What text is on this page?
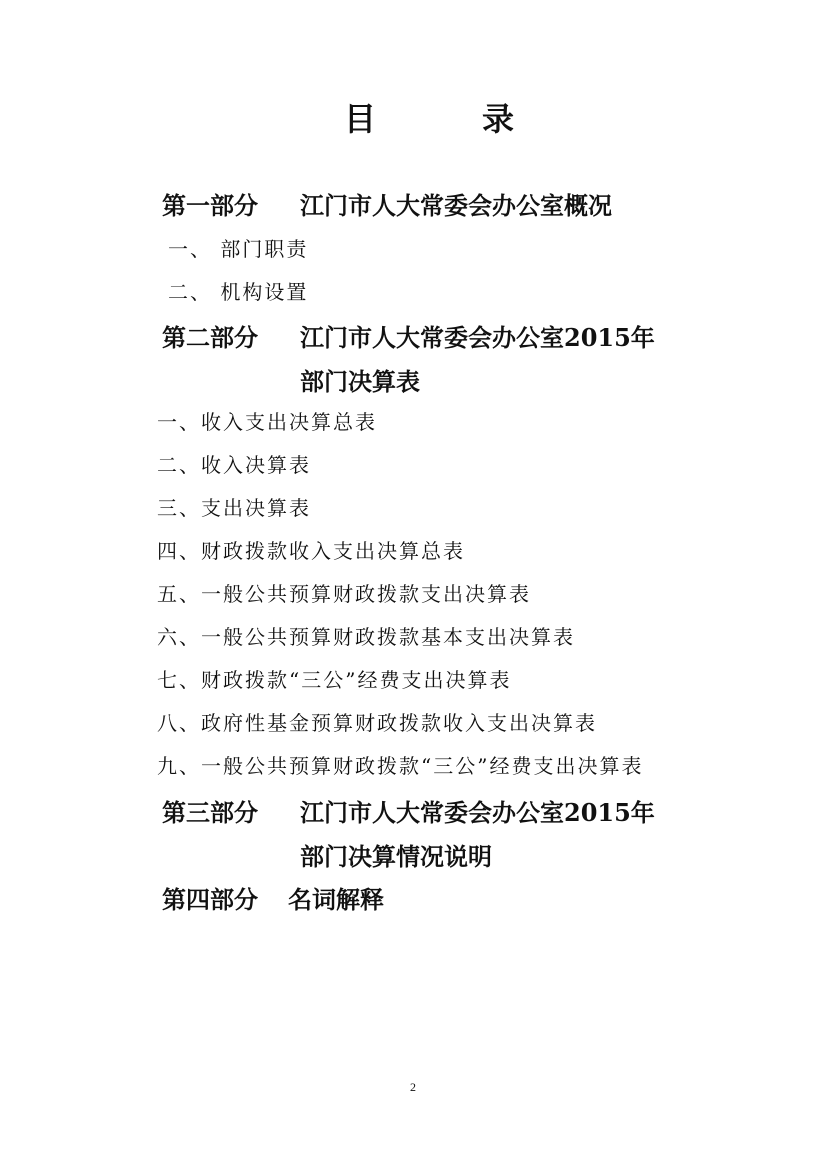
目	录
第一部分 江门市人大常委会办公室概况
一、 部门职责
二、 机构设置
第二部分 江门市人大常委会办公室2015年
部门决算表
一、收入支出决算总表
二、收入决算表
三、支出决算表
四、财政拨款收入支出决算总表
五、一般公共预算财政拨款支出决算表
六、一般公共预算财政拨款基本支出决算表
七、财政拨款“三公”经费支出决算表
八、政府性基金预算财政拨款收入支出决算表
九、一般公共预算财政拨款“三公”经费支出决算表
第三部分 江门市人大常委会办公室2015年
部门决算情况说明
第四部分 名词解释
2
